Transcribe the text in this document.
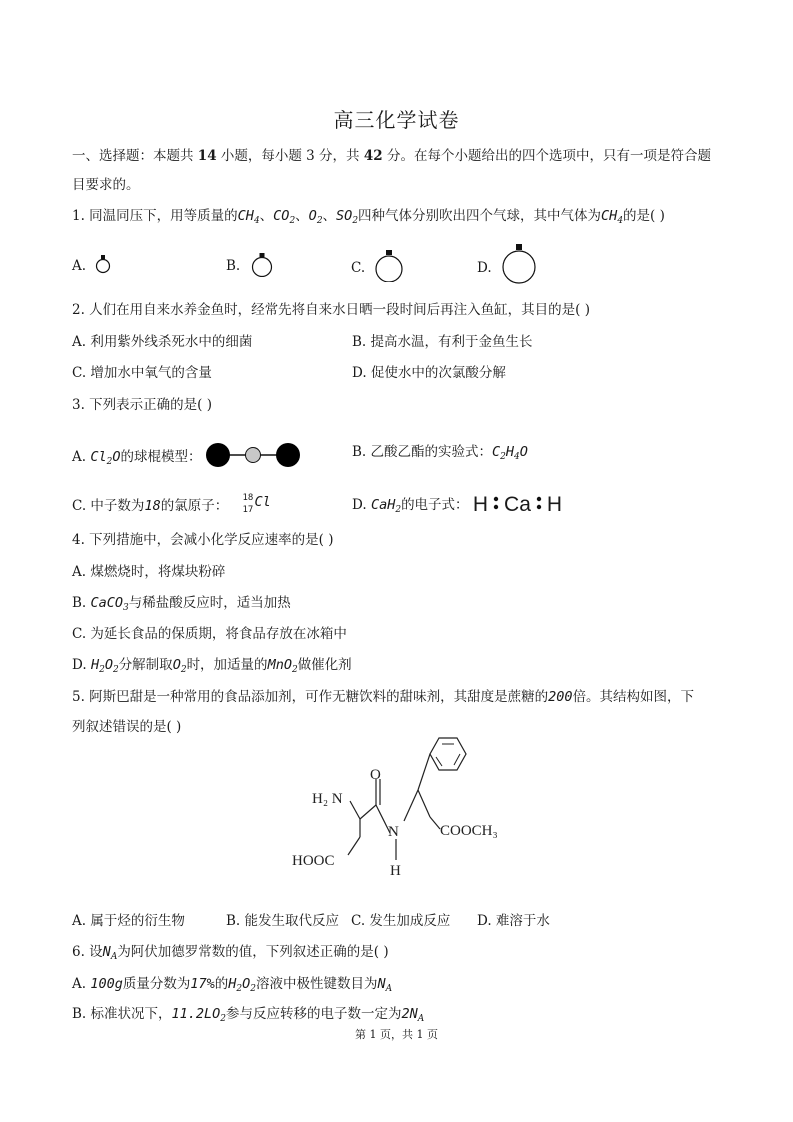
高三化学试卷
一、选择题：本题共 14 小题，每小题 3 分，共 42 分。在每个小题给出的四个选项中，只有一项是符合题
目要求的。
1. 同温同压下，用等质量的$CH_4$、$CO_2$、$O_2$、$SO_2$四种气体分别吹出四个气球，其中气体为$CH_4$的是( )
A.	B.	C.	D.
2. 人们在用自来水养金鱼时，经常先将自来水日晒一段时间后再注入鱼缸，其目的是( )
A. 利用紫外线杀死水中的细菌	B. 提高水温，有利于金鱼生长
C. 增加水中氧气的含量	D. 促使水中的次氯酸分解
3. 下列表示正确的是( )
A. $Cl_2O$的球棍模型：	B. 乙酸乙酯的实验式：$C_2H_4O$
C. 中子数为18的氯原子： 18
17 Cl	D. CaH$_2$的电子式： H Ca H
4. 下列措施中，会减小化学反应速率的是( )
A. 煤燃烧时，将煤块粉碎
B. CaCO$_3$与稀盐酸反应时，适当加热
C. 为延长食品的保质期，将食品存放在冰箱中
D. $H_2O_2$分解制取$O_2$时，加适量的MnO$_2$做催化剂
5. 阿斯巴甜是一种常用的食品添加剂，可作无糖饮料的甜味剂，其甜度是蔗糖的200倍。其结构如图，下
列叙述错误的是( )
O
H₂ N
N	COOCH₃
HOOC
H
A. 属于烃的衍生物	B. 能发生取代反应 C. 发生加成反应 D. 难溶于水
6. 设$N_A$为阿伏加德罗常数的值，下列叙述正确的是( )
A. 100g质量分数为17%的$H_2O_2$溶液中极性键数目为$N_A$
B. 标准状况下，$11.2LO_2$参与反应转移的电子数一定为$2N_A$
第 1 页，共 1 页
